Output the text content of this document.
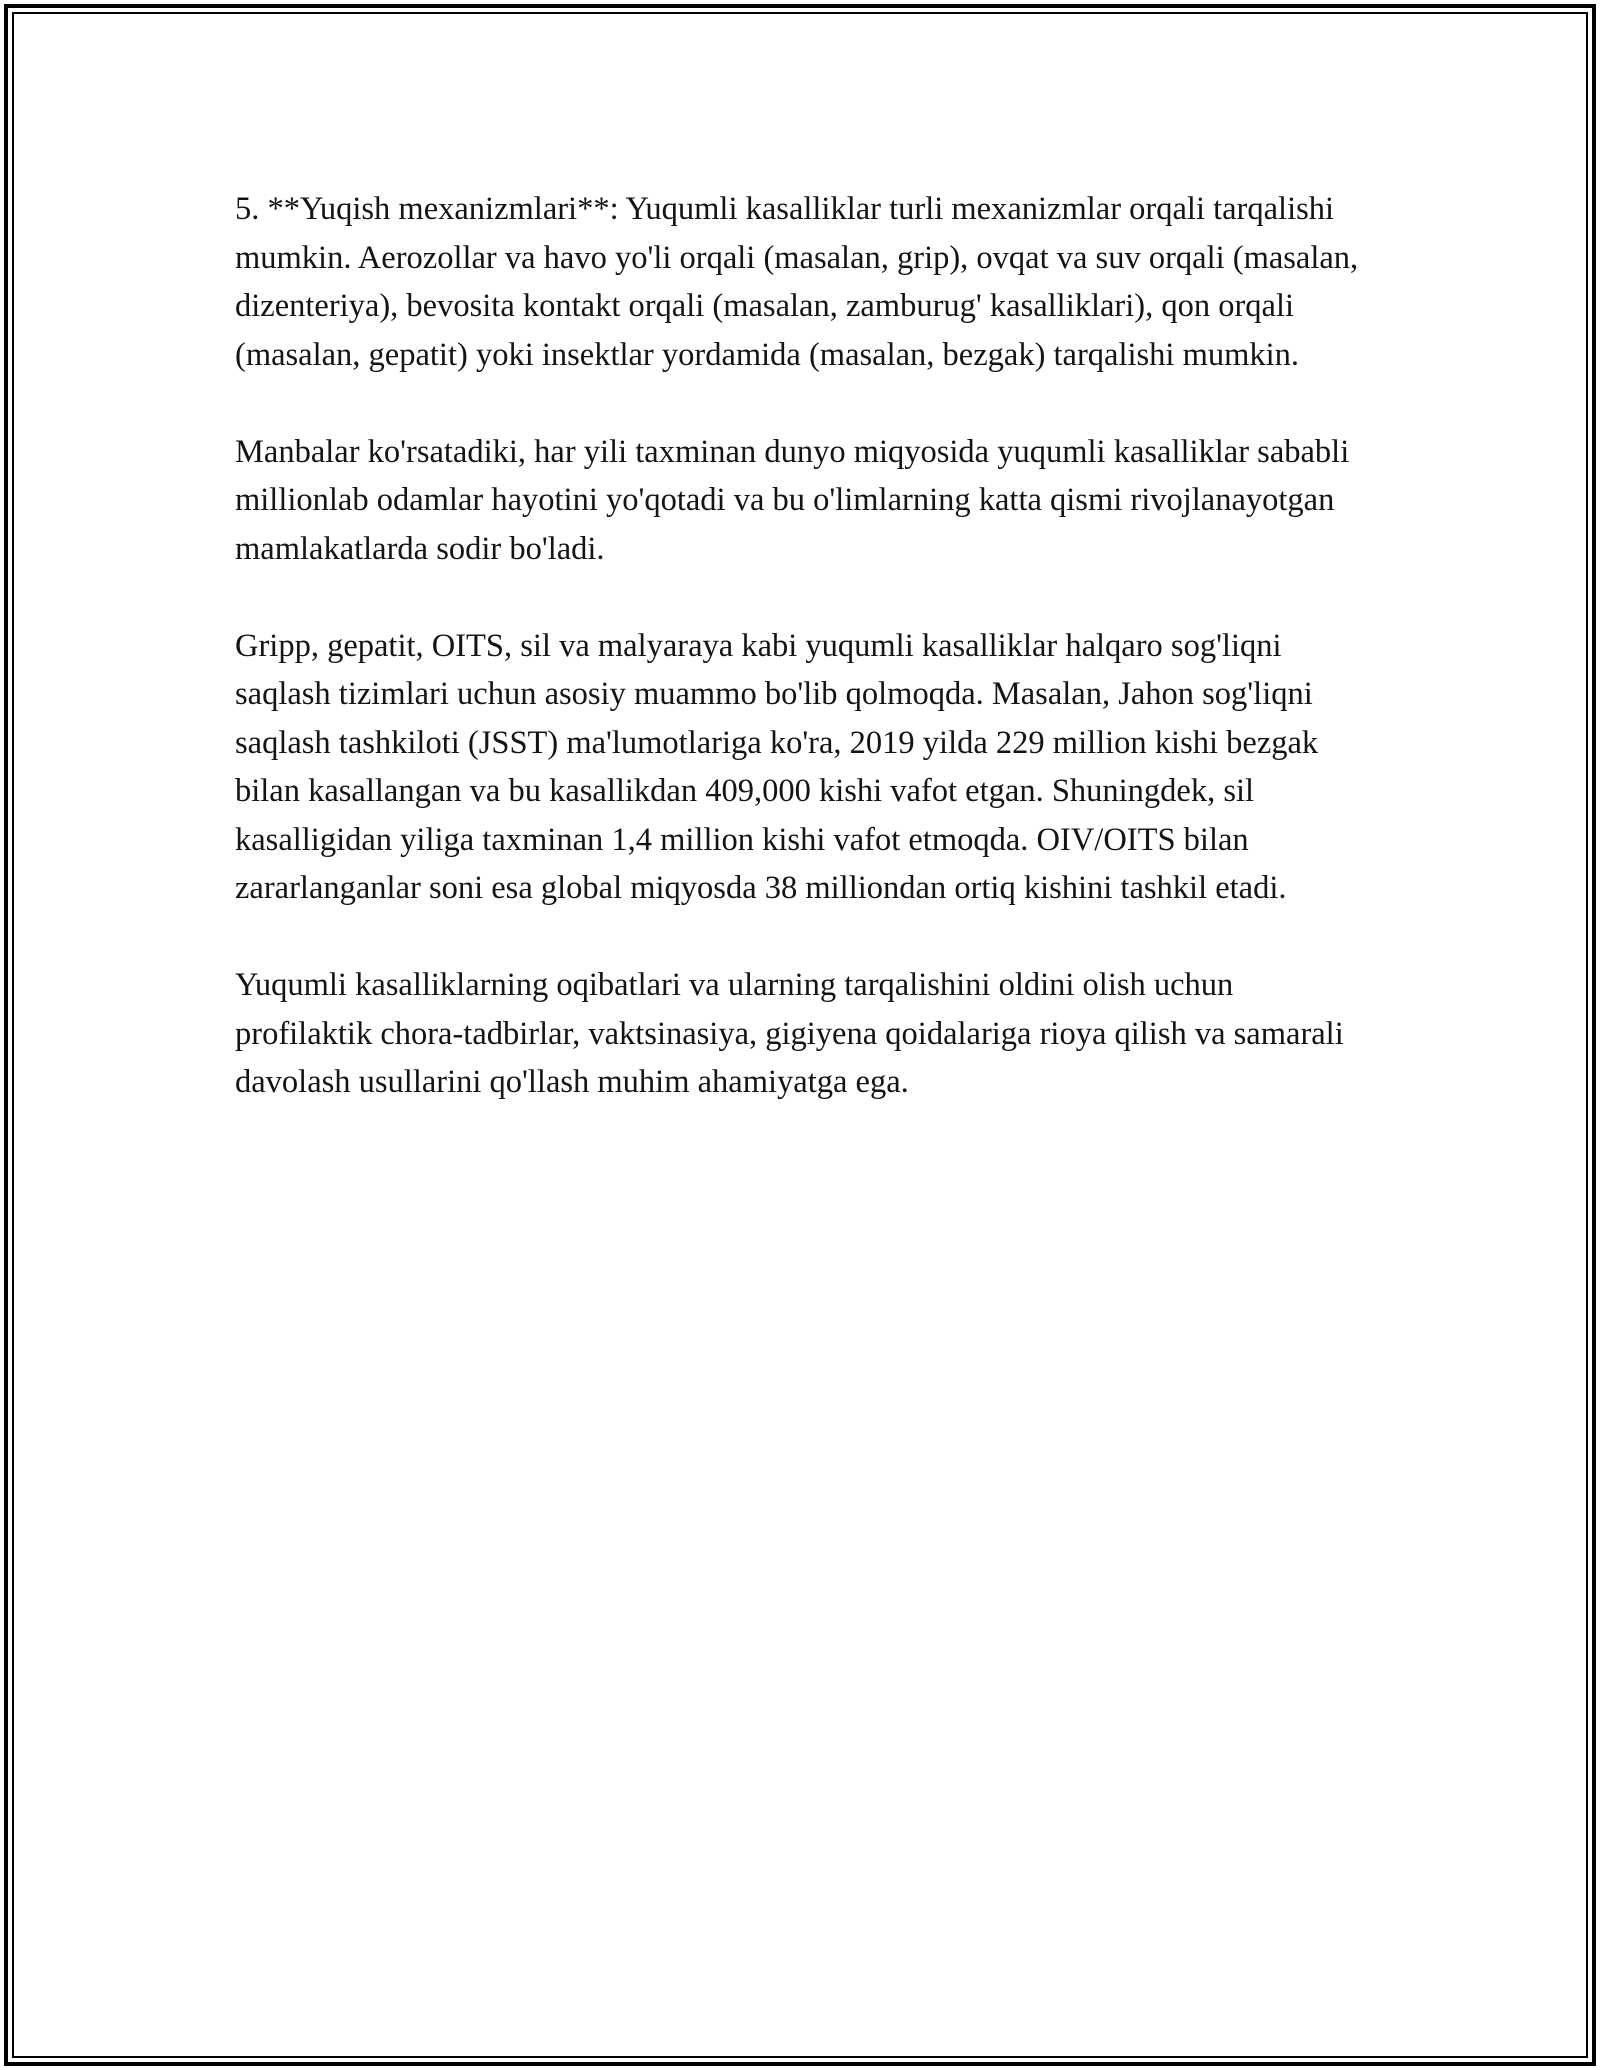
5. **Yuqish mexanizmlari**: Yuqumli kasalliklar turli mexanizmlar orqali tarqalishi mumkin. Aerozollar va havo yo'li orqali (masalan, grip), ovqat va suv orqali (masalan, dizenteriya), bevosita kontakt orqali (masalan, zamburug' kasalliklari), qon orqali (masalan, gepatit) yoki insektlar yordamida (masalan, bezgak) tarqalishi mumkin.

Manbalar ko'rsatadiki, har yili taxminan dunyo miqyosida yuqumli kasalliklar sababli millionlab odamlar hayotini yo'qotadi va bu o'limlarning katta qismi rivojlanayotgan mamlakatlarda sodir bo'ladi.

Gripp, gepatit, OITS, sil va malyaraya kabi yuqumli kasalliklar halqaro sog'liqni saqlash tizimlari uchun asosiy muammo bo'lib qolmoqda. Masalan, Jahon sog'liqni saqlash tashkiloti (JSST) ma'lumotlariga ko'ra, 2019 yilda 229 million kishi bezgak bilan kasallangan va bu kasallikdan 409,000 kishi vafot etgan. Shuningdek, sil kasalligidan yiliga taxminan 1,4 million kishi vafot etmoqda. OIV/OITS bilan zararlanganlar soni esa global miqyosda 38 milliondan ortiq kishini tashkil etadi.

Yuqumli kasalliklarning oqibatlari va ularning tarqalishini oldini olish uchun profilaktik chora-tadbirlar, vaktsinasiya, gigiyena qoidalariga rioya qilish va samarali davolash usullarini qo'llash muhim ahamiyatga ega.
